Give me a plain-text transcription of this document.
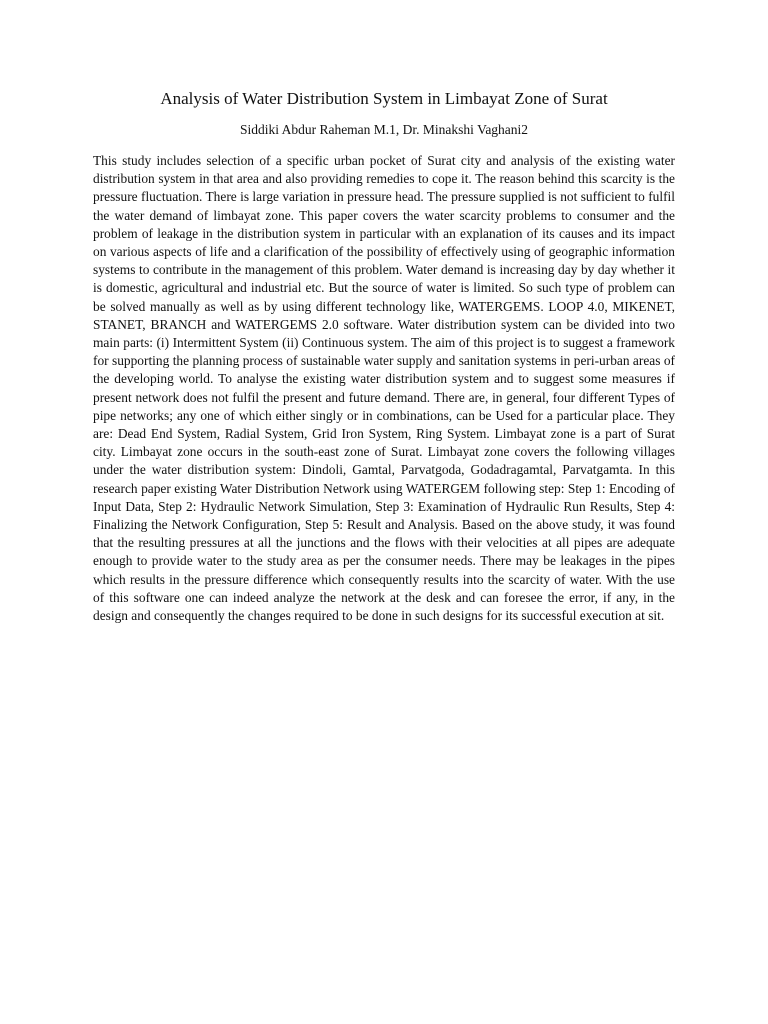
Analysis of Water Distribution System in Limbayat Zone of Surat

Siddiki Abdur Raheman M.1, Dr. Minakshi Vaghani2

This study includes selection of a specific urban pocket of Surat city and analysis of the existing water distribution system in that area and also providing remedies to cope it. The reason behind this scarcity is the pressure fluctuation. There is large variation in pressure head. The pressure supplied is not sufficient to fulfil the water demand of limbayat zone. This paper covers the water scarcity problems to consumer and the problem of leakage in the distribution system in particular with an explanation of its causes and its impact on various aspects of life and a clarification of the possibility of effectively using of geographic information systems to contribute in the management of this problem. Water demand is increasing day by day whether it is domestic, agricultural and industrial etc. But the source of water is limited. So such type of problem can be solved manually as well as by using different technology like, WATERGEMS. LOOP 4.0, MIKENET, STANET, BRANCH and WATERGEMS 2.0 software. Water distribution system can be divided into two main parts: (i) Intermittent System (ii) Continuous system. The aim of this project is to suggest a framework for supporting the planning process of sustainable water supply and sanitation systems in peri-urban areas of the developing world. To analyse the existing water distribution system and to suggest some measures if present network does not fulfil the present and future demand. There are, in general, four different Types of pipe networks; any one of which either singly or in combinations, can be Used for a particular place. They are: Dead End System, Radial System, Grid Iron System, Ring System. Limbayat zone is a part of Surat city. Limbayat zone occurs in the south-east zone of Surat. Limbayat zone covers the following villages under the water distribution system: Dindoli, Gamtal, Parvatgoda, Godadragamtal, Parvatgamta. In this research paper existing Water Distribution Network using WATERGEM following step: Step 1: Encoding of Input Data, Step 2: Hydraulic Network Simulation, Step 3: Examination of Hydraulic Run Results, Step 4: Finalizing the Network Configuration, Step 5: Result and Analysis. Based on the above study, it was found that the resulting pressures at all the junctions and the flows with their velocities at all pipes are adequate enough to provide water to the study area as per the consumer needs. There may be leakages in the pipes which results in the pressure difference which consequently results into the scarcity of water. With the use of this software one can indeed analyze the network at the desk and can foresee the error, if any, in the design and consequently the changes required to be done in such designs for its successful execution at sit.
